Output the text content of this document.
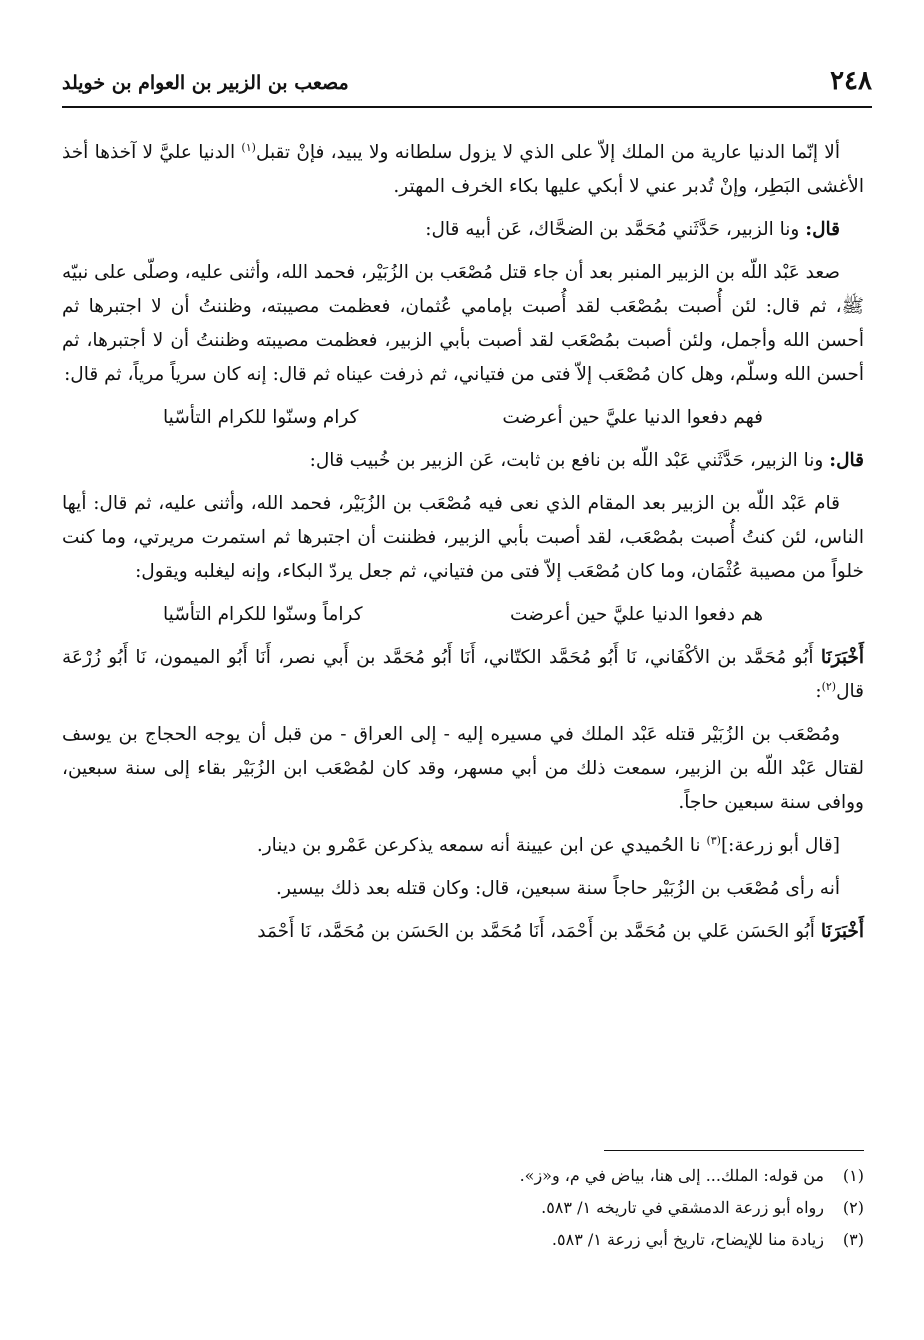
٢٤٨
مصعب بن الزبير بن العوام بن خويلد

ألا إنّما الدنيا عارية من الملك إلاّ على الذي لا يزول سلطانه ولا يبيد، فإنْ تقبل$^{(١)}$ الدنيا عليَّ لا آخذها أخذ الأغشى البَطِر، وإنْ تُدبر عني لا أبكي عليها بكاء الخرف المهتر.

قال: ونا الزبير، حَدَّثَني مُحَمَّد بن الضحَّاك، عَن أبيه قال:

صعد عَبْد اللّه بن الزبير المنبر بعد أن جاء قتل مُصْعَب بن الزُبَيْر، فحمد الله، وأثنى عليه، وصلّى على نبيّه ﷺ، ثم قال: لئن أُصبت بمُصْعَب لقد أُصبت بإمامي عُثمان، فعظمت مصيبته، وظننتُ أن لا اجتبرها ثم أحسن الله وأجمل، ولئن أصبت بمُصْعَب لقد أصبت بأبي الزبير، فعظمت مصيبته وظننتُ أن لا أجتبرها، ثم أحسن الله وسلّم، وهل كان مُصْعَب إلاّ فتى من فتياني، ثم ذرفت عيناه ثم قال: إنه كان سرياً مرياً، ثم قال:

فهم دفعوا الدنيا عليَّ حين أعرضت
كرام وسنّوا للكرام التأسّيا

قال: ونا الزبير، حَدَّثَني عَبْد اللّه بن نافع بن ثابت، عَن الزبير بن خُبيب قال:

قام عَبْد اللّه بن الزبير بعد المقام الذي نعى فيه مُصْعَب بن الزُبَيْر، فحمد الله، وأثنى عليه، ثم قال: أيها الناس، لئن كنتُ أُصبت بمُصْعَب، لقد أصبت بأبي الزبير، فظننت أن اجتبرها ثم استمرت مريرتي، وما كنت خلواً من مصيبة عُثْمَان، وما كان مُصْعَب إلاّ فتى من فتياني، ثم جعل يردّ البكاء، وإنه ليغلبه ويقول:

هم دفعوا الدنيا عليَّ حين أعرضت
كراماً وسنّوا للكرام التأسّيا

أَخْبَرَنَا أَبُو مُحَمَّد بن الأكْفَاني، نَا أَبُو مُحَمَّد الكتّاني، أَنَا أَبُو مُحَمَّد بن أَبي نصر، أَنَا أَبُو الميمون، نَا أَبُو زُرْعَة قال$^{(٢)}$:

ومُصْعَب بن الزُبَيْر قتله عَبْد الملك في مسيره إليه - إلى العراق - من قبل أن يوجه الحجاج بن يوسف لقتال عَبْد اللّه بن الزبير، سمعت ذلك من أبي مسهر، وقد كان لمُصْعَب ابن الزُبَيْر بقاء إلى سنة سبعين، ووافى سنة سبعين حاجاً.

[قال أبو زرعة:]$^{(٣)}$ نا الحُميدي عن ابن عيينة أنه سمعه يذكرعن عَمْرو بن دينار.

أنه رأى مُصْعَب بن الزُبَيْر حاجاً سنة سبعين، قال: وكان قتله بعد ذلك بيسير.

أَخْبَرَنَا أَبُو الحَسَن عَلي بن مُحَمَّد بن أَحْمَد، أَنَا مُحَمَّد بن الحَسَن بن مُحَمَّد، نَا أَحْمَد

(١)
من قوله: الملك... إلى هنا، بياض في م، و«ز».
(٢)
رواه أبو زرعة الدمشقي في تاريخه ١/ ٥٨٣.
(٣)
زيادة منا للإيضاح، تاريخ أبي زرعة ١/ ٥٨٣.
